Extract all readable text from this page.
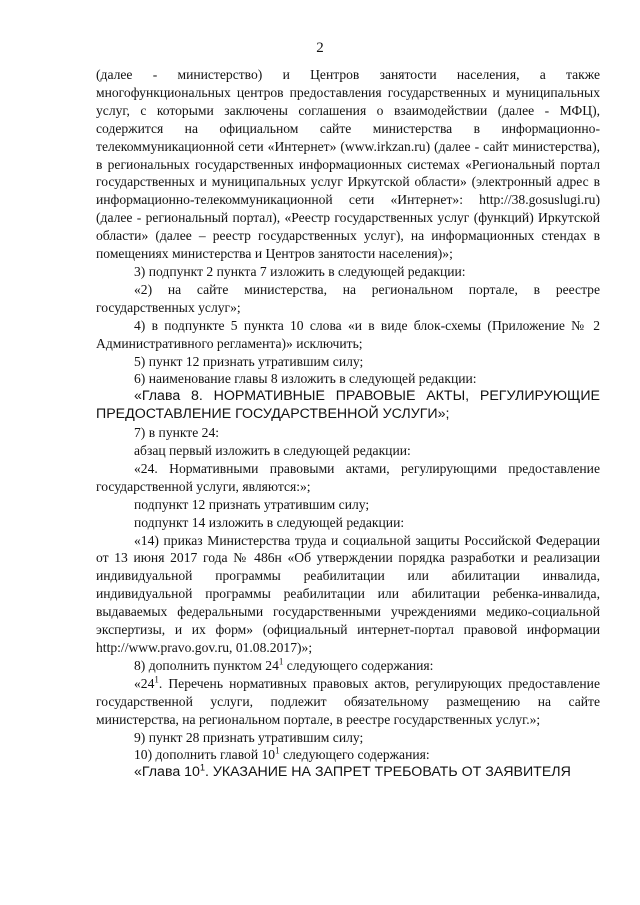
2

(далее - министерство) и Центров занятости населения, а также многофункциональных центров предоставления государственных и муниципальных услуг, с которыми заключены соглашения о взаимодействии (далее - МФЦ), содержится на официальном сайте министерства в информационно-телекоммуникационной сети «Интернет» (www.irkzan.ru) (далее - сайт министерства), в региональных государственных информационных системах «Региональный портал государственных и муниципальных услуг Иркутской области» (электронный адрес в информационно-телекоммуникационной сети «Интернет»: http://38.gosuslugi.ru) (далее - региональный портал), «Реестр государственных услуг (функций) Иркутской области» (далее – реестр государственных услуг), на информационных стендах в помещениях министерства и Центров занятости населения)»;

3) подпункт 2 пункта 7 изложить в следующей редакции:

«2) на сайте министерства, на региональном портале, в реестре государственных услуг»;

4) в подпункте 5 пункта 10 слова «и в виде блок-схемы (Приложение № 2 Административного регламента)» исключить;

5) пункт 12 признать утратившим силу;

6) наименование главы 8 изложить в следующей редакции:

«Глава 8. НОРМАТИВНЫЕ ПРАВОВЫЕ АКТЫ, РЕГУЛИРУЮЩИЕ ПРЕДОСТАВЛЕНИЕ ГОСУДАРСТВЕННОЙ УСЛУГИ»;

7) в пункте 24:

абзац первый изложить в следующей редакции:

«24. Нормативными правовыми актами, регулирующими предоставление государственной услуги, являются:»;

подпункт 12 признать утратившим силу;

подпункт 14 изложить в следующей редакции:

«14) приказ Министерства труда и социальной защиты Российской Федерации от 13 июня 2017 года № 486н «Об утверждении порядка разработки и реализации индивидуальной программы реабилитации или абилитации инвалида, индивидуальной программы реабилитации или абилитации ребенка-инвалида, выдаваемых федеральными государственными учреждениями медико-социальной экспертизы, и их форм» (официальный интернет-портал правовой информации http://www.pravo.gov.ru, 01.08.2017)»;

8) дополнить пунктом $24^1$ следующего содержания:

«$24^1$. Перечень нормативных правовых актов, регулирующих предоставление государственной услуги, подлежит обязательному размещению на сайте министерства, на региональном портале, в реестре государственных услуг.»;

9) пункт 28 признать утратившим силу;

10) дополнить главой $10^1$ следующего содержания:

«Глава $10^1$. УКАЗАНИЕ НА ЗАПРЕТ ТРЕБОВАТЬ ОТ ЗАЯВИТЕЛЯ
